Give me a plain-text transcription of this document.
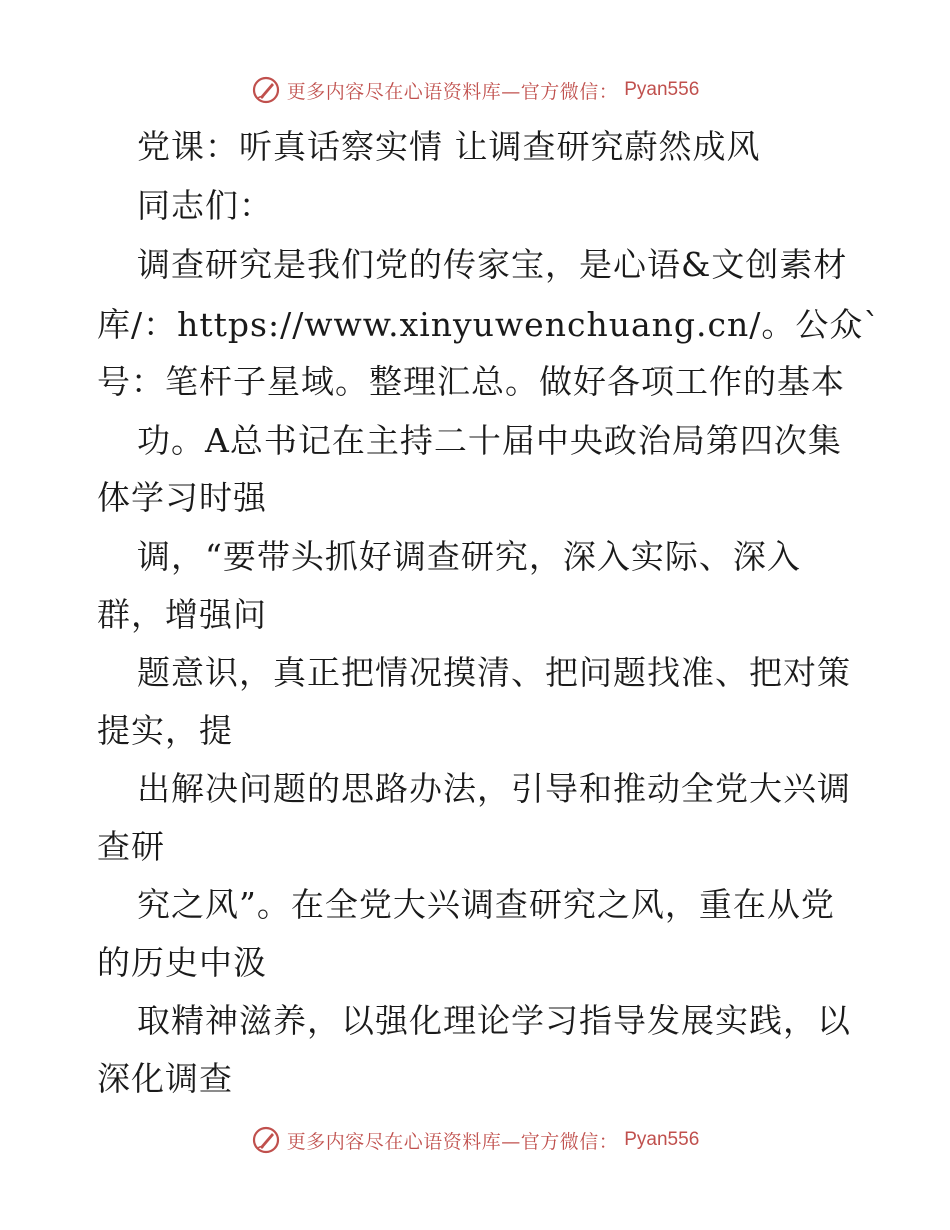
更多内容尽在心语资料库—官方微信： Pyan556
党课：听真话察实情 让调查研究蔚然成风
同志们：
调查研究是我们党的传家宝，是心语&文创素材
库/：https://www.xinyuwenchuang.cn/。公众`
号：笔杆子星域。整理汇总。做好各项工作的基本
功。A总书记在主持二十届中央政治局第四次集
体学习时强
调，“要带头抓好调查研究，深入实际、深入
群，增强问
题意识，真正把情况摸清、把问题找准、把对策
提实，提
出解决问题的思路办法，引导和推动全党大兴调
查研
究之风”。在全党大兴调查研究之风，重在从党
的历史中汲
取精神滋养，以强化理论学习指导发展实践，以
深化调查
更多内容尽在心语资料库—官方微信： Pyan556
